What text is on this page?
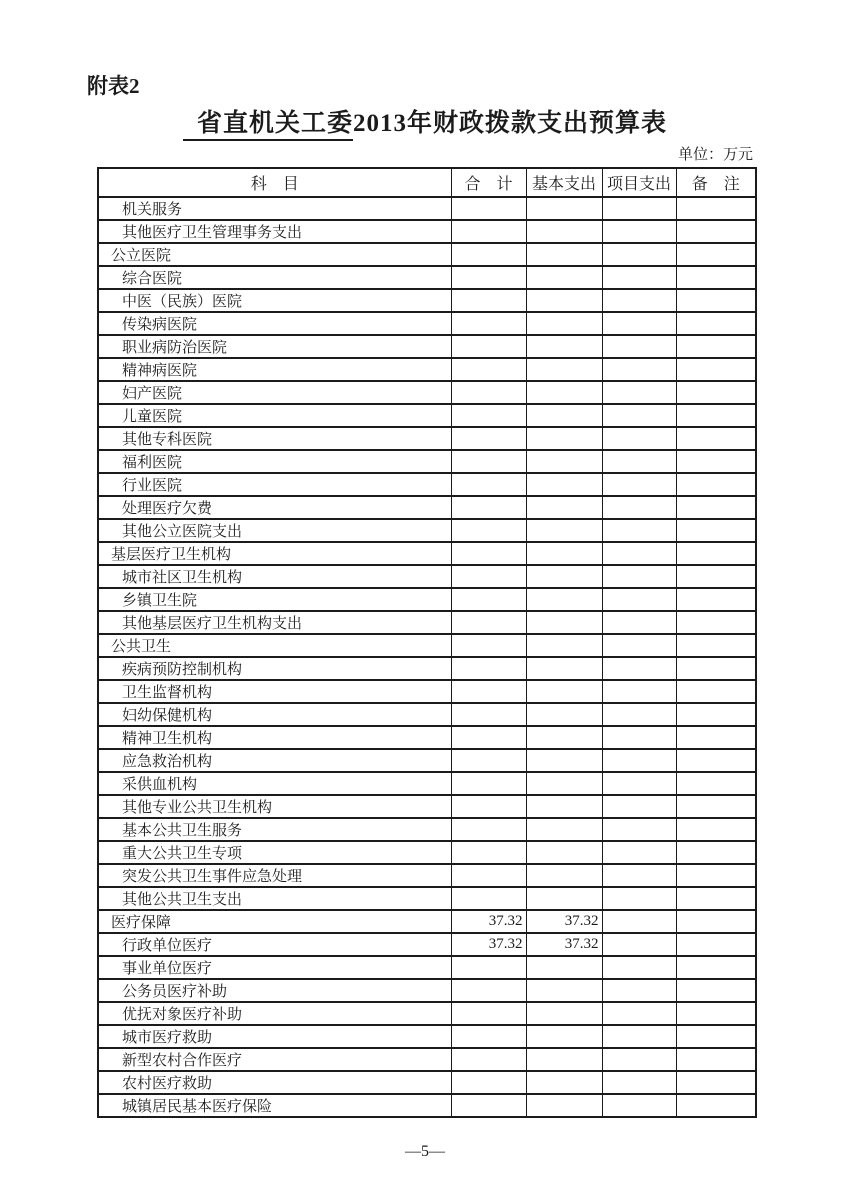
附表2
省直机关工委2013年财政拨款支出预算表
单位：万元
科　目	合　计	基本支出	项目支出	备　注
机关服务				
其他医疗卫生管理事务支出				
公立医院				
综合医院				
中医（民族）医院				
传染病医院				
职业病防治医院				
精神病医院				
妇产医院				
儿童医院				
其他专科医院				
福利医院				
行业医院				
处理医疗欠费				
其他公立医院支出				
基层医疗卫生机构				
城市社区卫生机构				
乡镇卫生院				
其他基层医疗卫生机构支出				
公共卫生				
疾病预防控制机构				
卫生监督机构				
妇幼保健机构				
精神卫生机构				
应急救治机构				
采供血机构				
其他专业公共卫生机构				
基本公共卫生服务				
重大公共卫生专项				
突发公共卫生事件应急处理				
其他公共卫生支出				
医疗保障	37.32	37.32		
行政单位医疗	37.32	37.32		
事业单位医疗				
公务员医疗补助				
优抚对象医疗补助				
城市医疗救助				
新型农村合作医疗				
农村医疗救助				
城镇居民基本医疗保险				
—5—
